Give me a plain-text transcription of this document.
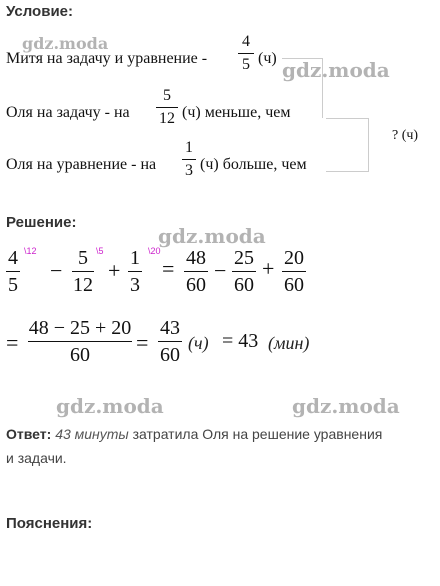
Условие:
gdz.moda
gdz.moda
gdz.moda
gdz.moda	gdz.moda
Митя на задачу и уравнение -
4
5 (ч)
Оля на задачу - на
5
12 (ч) меньше, чем
? (ч)
Оля на уравнение - на
1
3 (ч) больше, чем
Решение:
4
5
\12
− 5
12
\5
+ 1
3
\20
= 48
60
− 25
60
+ 20
60
=
48 − 25 + 20
60	=
43
60
(ч) = 43 (мин)
Ответ: 43 минуты затратила Оля на решение уравнения
и задачи.
Пояснения:
